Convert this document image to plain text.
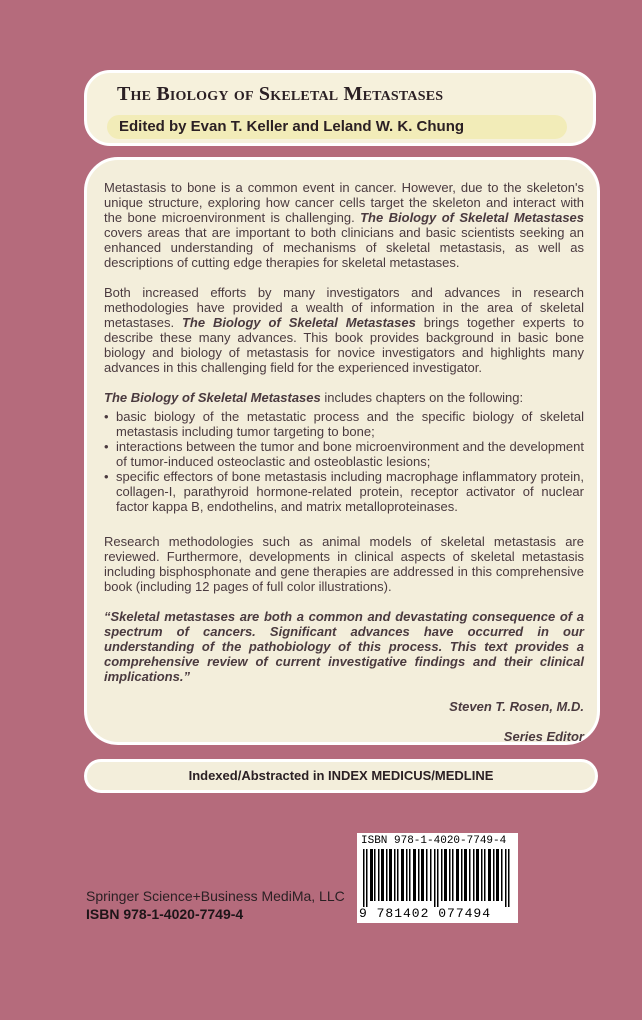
The Biology of Skeletal Metastases

Edited by Evan T. Keller and Leland W. K. Chung

Metastasis to bone is a common event in cancer. However, due to the skeleton's unique structure, exploring how cancer cells target the skeleton and interact with the bone microenvironment is challenging. The Biology of Skeletal Metastases covers areas that are important to both clinicians and basic scientists seeking an enhanced understanding of mechanisms of skeletal metastasis, as well as descriptions of cutting edge therapies for skeletal metastases.

Both increased efforts by many investigators and advances in research methodologies have provided a wealth of information in the area of skeletal metastases. The Biology of Skeletal Metastases brings together experts to describe these many advances. This book provides background in basic bone biology and biology of metastasis for novice investigators and highlights many advances in this challenging field for the experienced investigator.

The Biology of Skeletal Metastases includes chapters on the following:

• basic biology of the metastatic process and the specific biology of skeletal metastasis including tumor targeting to bone;
• interactions between the tumor and bone microenvironment and the development of tumor-induced osteoclastic and osteoblastic lesions;
• specific effectors of bone metastasis including macrophage inflammatory protein, collagen-I, parathyroid hormone-related protein, receptor activator of nuclear factor kappa B, endothelins, and matrix metalloproteinases.

Research methodologies such as animal models of skeletal metastasis are reviewed. Furthermore, developments in clinical aspects of skeletal metastasis including bisphosphonate and gene therapies are addressed in this comprehensive book (including 12 pages of full color illustrations).

“Skeletal metastases are both a common and devastating consequence of a spectrum of cancers. Significant advances have occurred in our understanding of the pathobiology of this process. This text provides a comprehensive review of current investigative findings and their clinical implications.”

Steven T. Rosen, M.D.

Series Editor

Indexed/Abstracted in INDEX MEDICUS/MEDLINE
Springer Science+Business MediMa, LLC
ISBN 978-1-4020-7749-4
ISBN 978-1-4020-7749-4
9 781402 077494
